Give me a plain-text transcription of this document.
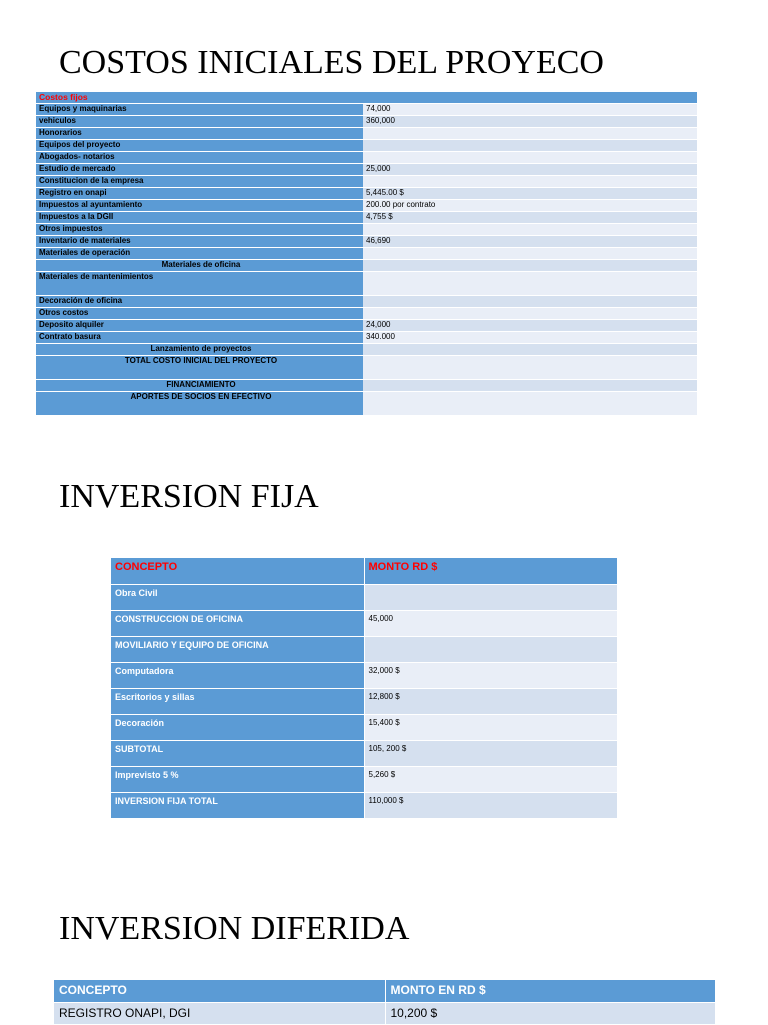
COSTOS INICIALES DEL PROYECO
Costos fijos	
Equipos y maquinarias	74,000
vehiculos	360,000
Honorarios	
Equipos del proyecto	
Abogados- notarios	
Estudio de mercado	25,000
Constitucion de la empresa	
Registro en onapi	5,445.00 $
Impuestos al ayuntamiento	200.00 por contrato
Impuestos a la DGII	4,755 $
Otros impuestos	
Inventario de materiales	46,690
Materiales de operación	
Materiales de oficina	
Materiales de mantenimientos	
Decoración de oficina	
Otros costos	
Deposito alquiler	24,000
Contrato basura	340.000
Lanzamiento de proyectos	
TOTAL COSTO INICIAL DEL PROYECTO	
FINANCIAMIENTO	
APORTES DE SOCIOS EN EFECTIVO	
INVERSION FIJA
CONCEPTO	MONTO RD $
Obra Civil	
CONSTRUCCION DE OFICINA	45,000
MOVILIARIO Y EQUIPO DE OFICINA	
Computadora	32,000 $
Escritorios y sillas	12,800 $
Decoración	15,400 $
SUBTOTAL	105, 200 $
Imprevisto 5 %	5,260 $
INVERSION FIJA TOTAL	110,000 $
INVERSION DIFERIDA
CONCEPTO	MONTO EN RD $
REGISTRO ONAPI, DGI	10,200 $
